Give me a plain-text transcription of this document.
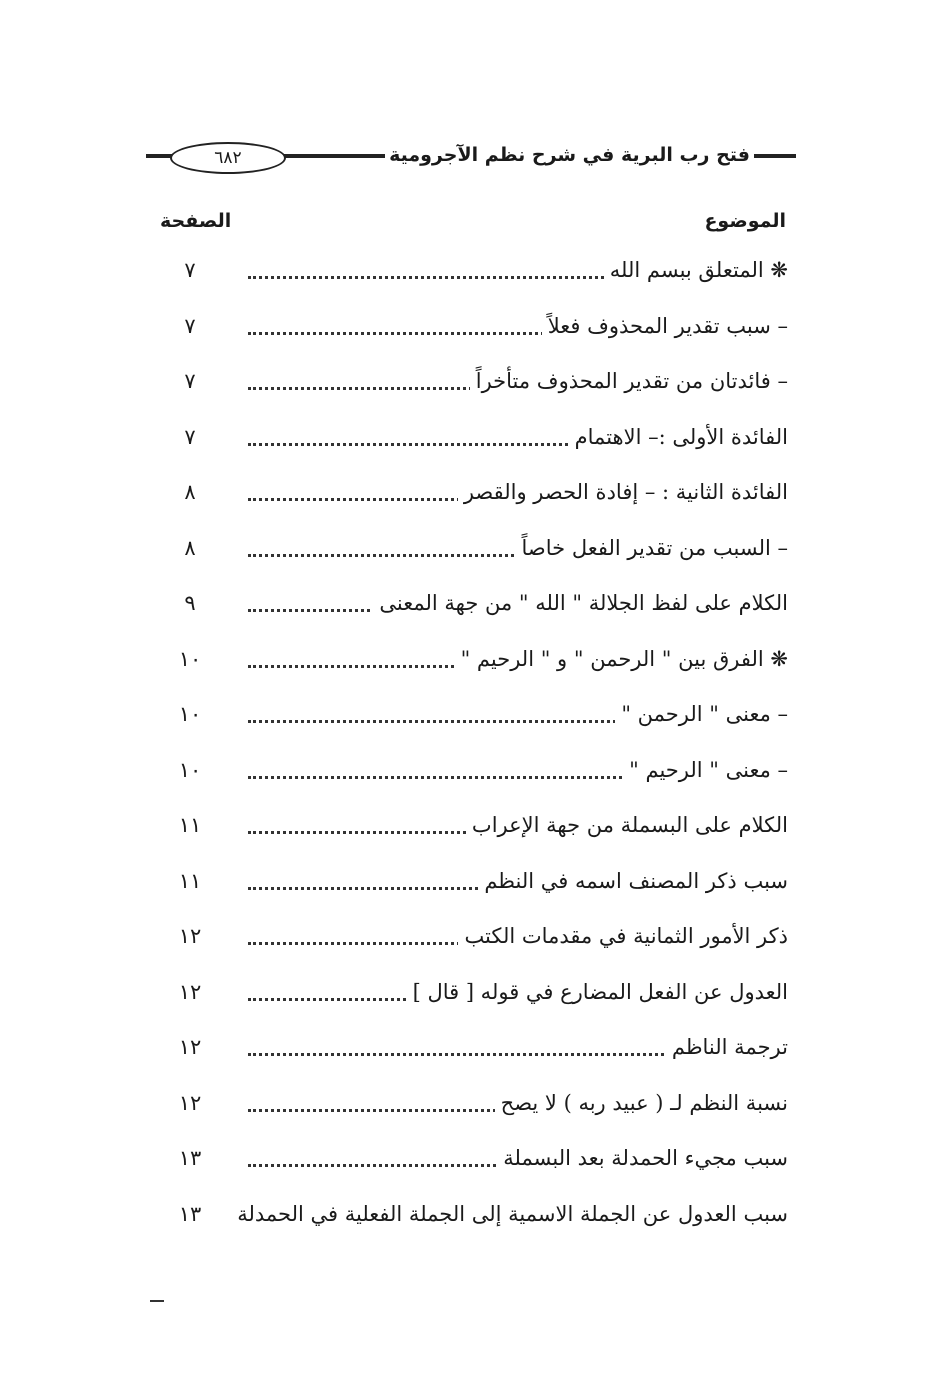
٦٨٢	فتح رب البرية في شرح نظم الآجرومية
الموضوع
الصفحة
❋ المتعلق ببسم الله
٧
– سبب تقدير المحذوف فعلاً
٧
– فائدتان من تقدير المحذوف متأخراً
٧
الفائدة الأولى :– الاهتمام
٧
الفائدة الثانية : – إفادة الحصر والقصر
٨
– السبب من تقدير الفعل خاصاً
٨
الكلام على لفظ الجلالة " الله " من جهة المعنى
٩
❋ الفرق بين " الرحمن " و " الرحيم "
١٠
– معنى " الرحمن "
١٠
– معنى " الرحيم "
١٠
الكلام على البسملة من جهة الإعراب
١١
سبب ذكر المصنف اسمه في النظم
١١
ذكر الأمور الثمانية في مقدمات الكتب
١٢
العدول عن الفعل المضارع في قوله [ قال ]
١٢
ترجمة الناظم
١٢
نسبة النظم لـ ( عبيد ربه ) لا يصح
١٢
سبب مجيء الحمدلة بعد البسملة
١٣
سبب العدول عن الجملة الاسمية إلى الجملة الفعلية في الحمدلة
١٣
